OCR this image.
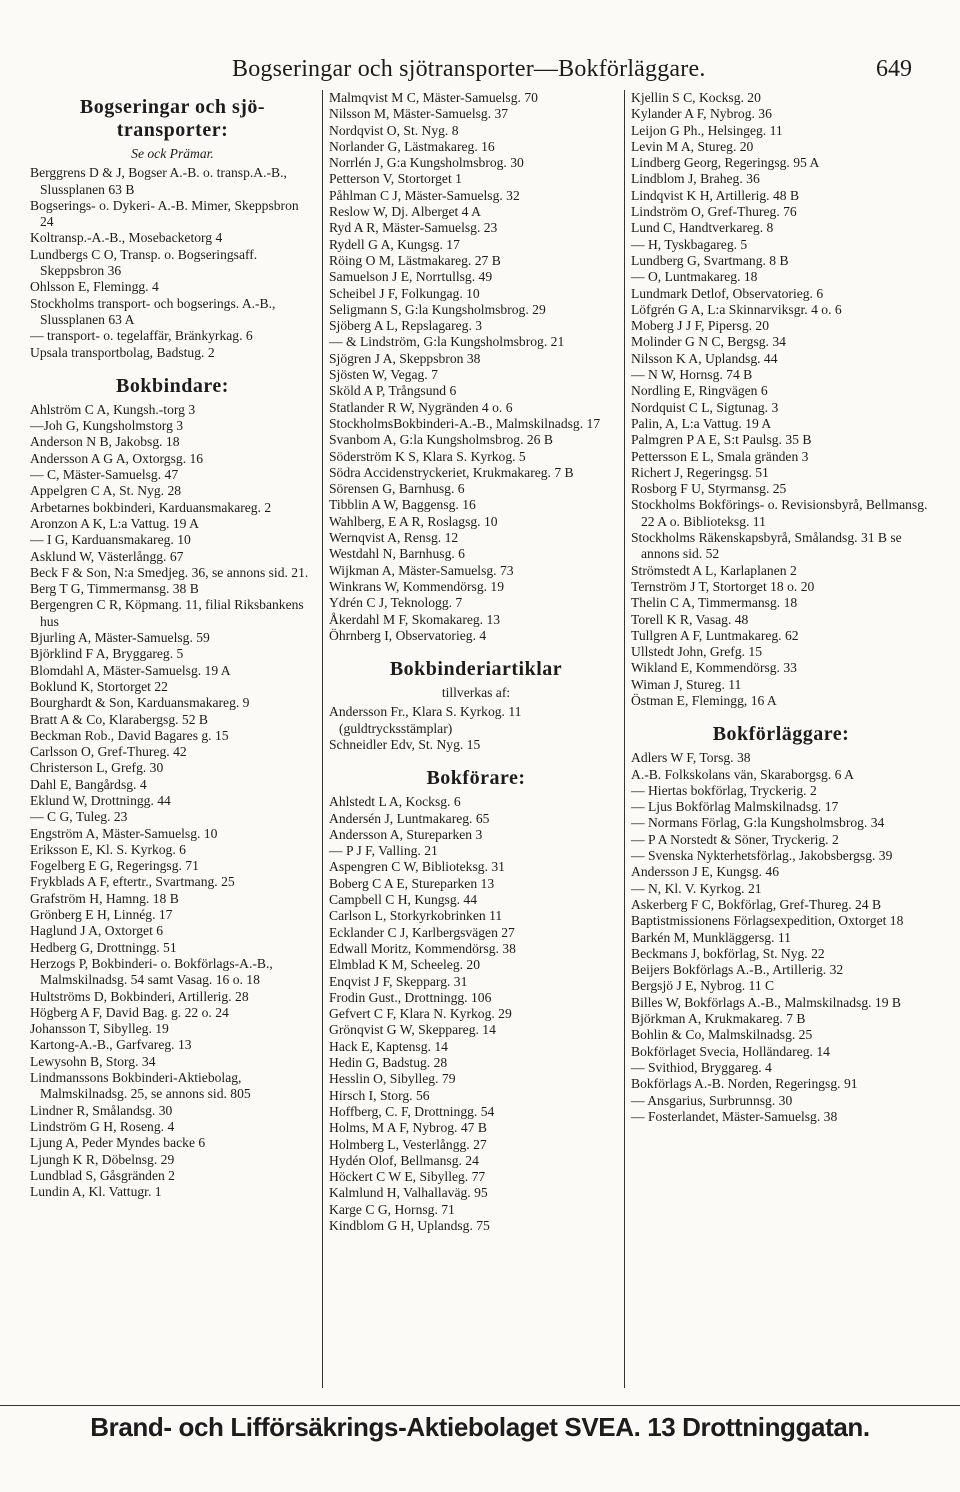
Bogseringar och sjötransporter—Bokförläggare.	649
Bogseringar och sjö-transporter:
Se ock Prämar.
Berggrens D & J, Bogser A.-B. o. transp.A.-B., Slussplanen 63 B
Bogserings- o. Dykeri- A.-B. Mimer, Skeppsbron 24
Koltransp.-A.-B., Mosebacketorg 4
Lundbergs C O, Transp. o. Bogseringsaff. Skeppsbron 36
Ohlsson E, Flemingg. 4
Stockholms transport- och bogserings. A.-B., Slussplanen 63 A
— transport- o. tegelaffär, Bränkyrkag. 6
Upsala transportbolag, Badstug. 2
Bokbindare:
Ahlström C A, Kungsh.-torg 3
—Joh G, Kungsholmstorg 3
Anderson N B, Jakobsg. 18
Andersson A G A, Oxtorgsg. 16
— C, Mäster-Samuelsg. 47
Appelgren C A, St. Nyg. 28
Arbetarnes bokbinderi, Karduansmakareg. 2
Aronzon A K, L:a Vattug. 19 A
— I G, Karduansmakareg. 10
Asklund W, Västerlångg. 67
Beck F & Son, N:a Smedjeg. 36, se annons sid. 21.
Berg T G, Timmermansg. 38 B
Bergengren C R, Köpmang. 11, filial Riksbankens hus
Bjurling A, Mäster-Samuelsg. 59
Björklind F A, Bryggareg. 5
Blomdahl A, Mäster-Samuelsg. 19 A
Boklund K, Stortorget 22
Bourghardt & Son, Karduansmakareg. 9
Bratt A & Co, Klarabergsg. 52 B
Beckman Rob., David Bagares g. 15
Carlsson O, Gref-Thureg. 42
Christerson L, Grefg. 30
Dahl E, Bangårdsg. 4
Eklund W, Drottningg. 44
— C G, Tuleg. 23
Engström A, Mäster-Samuelsg. 10
Eriksson E, Kl. S. Kyrkog. 6
Fogelberg E G, Regeringsg. 71
Frykblads A F, eftertr., Svartmang. 25
Grafström H, Hamng. 18 B
Grönberg E H, Linnég. 17
Haglund J A, Oxtorget 6
Hedberg G, Drottningg. 51
Herzogs P, Bokbinderi- o. Bokförlags-A.-B., Malmskilnadsg. 54 samt Vasag. 16 o. 18
Hultströms D, Bokbinderi, Artillerig. 28
Högberg A F, David Bag. g. 22 o. 24
Johansson T, Sibylleg. 19
Kartong-A.-B., Garfvareg. 13
Lewysohn B, Storg. 34
Lindmanssons Bokbinderi-Aktiebolag, Malmskilnadsg. 25, se annons sid. 805
Lindner R, Smålandsg. 30
Lindström G H, Roseng. 4
Ljung A, Peder Myndes backe 6
Ljungh K R, Döbelnsg. 29
Lundblad S, Gåsgränden 2
Lundin A, Kl. Vattugr. 1
Malmqvist M C, Mäster-Samuelsg. 70
Nilsson M, Mäster-Samuelsg. 37
Nordqvist O, St. Nyg. 8
Norlander G, Lästmakareg. 16
Norrlén J, G:a Kungsholmsbrog. 30
Petterson V, Stortorget 1
Påhlman C J, Mäster-Samuelsg. 32
Reslow W, Dj. Alberget 4 A
Ryd A R, Mäster-Samuelsg. 23
Rydell G A, Kungsg. 17
Röing O M, Lästmakareg. 27 B
Samuelson J E, Norrtullsg. 49
Scheibel J F, Folkungag. 10
Seligmann S, G:la Kungsholmsbrog. 29
Sjöberg A L, Repslagareg. 3
— & Lindström, G:la Kungsholmsbrog. 21
Sjögren J A, Skeppsbron 38
Sjösten W, Vegag. 7
Sköld A P, Trångsund 6
Statlander R W, Nygränden 4 o. 6
StockholmsBokbinderi-A.-B., Malmskilnadsg. 17
Svanbom A, G:la Kungsholmsbrog. 26 B
Söderström K S, Klara S. Kyrkog. 5
Södra Accidenstryckeriet, Krukmakareg. 7 B
Sörensen G, Barnhusg. 6
Tibblin A W, Baggensg. 16
Wahlberg, E A R, Roslagsg. 10
Wernqvist A, Rensg. 12
Westdahl N, Barnhusg. 6
Wijkman A, Mäster-Samuelsg. 73
Winkrans W, Kommendörsg. 19
Ydrén C J, Teknologg. 7
Åkerdahl M F, Skomakareg. 13
Öhrnberg I, Observatorieg. 4
Bokbinderiartiklar
tillverkas af:
Andersson Fr., Klara S. Kyrkog. 11 (guldtrycksstämplar)
Schneidler Edv, St. Nyg. 15
Bokförare:
Ahlstedt L A, Kocksg. 6
Andersén J, Luntmakareg. 65
Andersson A, Stureparken 3
— P J F, Valling. 21
Aspengren C W, Biblioteksg. 31
Boberg C A E, Stureparken 13
Campbell C H, Kungsg. 44
Carlson L, Storkyrkobrinken 11
Ecklander C J, Karlbergsvägen 27
Edwall Moritz, Kommendörsg. 38
Elmblad K M, Scheeleg. 20
Enqvist J F, Skepparg. 31
Frodin Gust., Drottningg. 106
Gefvert C F, Klara N. Kyrkog. 29
Grönqvist G W, Skeppareg. 14
Hack E, Kaptensg. 14
Hedin G, Badstug. 28
Hesslin O, Sibylleg. 79
Hirsch I, Storg. 56
Hoffberg, C. F, Drottningg. 54
Holms, M A F, Nybrog. 47 B
Holmberg L, Vesterlångg. 27
Hydén Olof, Bellmansg. 24
Höckert C W E, Sibylleg. 77
Kalmlund H, Valhallaväg. 95
Karge C G, Hornsg. 71
Kindblom G H, Uplandsg. 75
Kjellin S C, Kocksg. 20
Kylander A F, Nybrog. 36
Leijon G Ph., Helsingeg. 11
Levin M A, Stureg. 20
Lindberg Georg, Regeringsg. 95 A
Lindblom J, Braheg. 36
Lindqvist K H, Artillerig. 48 B
Lindström O, Gref-Thureg. 76
Lund C, Handtverkareg. 8
— H, Tyskbagareg. 5
Lundberg G, Svartmang. 8 B
— O, Luntmakareg. 18
Lundmark Detlof, Observatorieg. 6
Löfgrén G A, L:a Skinnarviksgr. 4 o. 6
Moberg J J F, Pipersg. 20
Molinder G N C, Bergsg. 34
Nilsson K A, Uplandsg. 44
— N W, Hornsg. 74 B
Nordling E, Ringvägen 6
Nordquist C L, Sigtunag. 3
Palin, A, L:a Vattug. 19 A
Palmgren P A E, S:t Paulsg. 35 B
Pettersson E L, Smala gränden 3
Richert J, Regeringsg. 51
Rosborg F U, Styrmansg. 25
Stockholms Bokförings- o. Revisionsbyrå, Bellmansg. 22 A o. Biblioteksg. 11
Stockholms Räkenskapsbyrå, Smålandsg. 31 B se annons sid. 52
Strömstedt A L, Karlaplanen 2
Ternström J T, Stortorget 18 o. 20
Thelin C A, Timmermansg. 18
Torell K R, Vasag. 48
Tullgren A F, Luntmakareg. 62
Ullstedt John, Grefg. 15
Wikland E, Kommendörsg. 33
Wiman J, Stureg. 11
Östman E, Flemingg, 16 A
Bokförläggare:
Adlers W F, Torsg. 38
A.-B. Folkskolans vän, Skaraborgsg. 6 A
— Hiertas bokförlag, Tryckerig. 2
— Ljus Bokförlag Malmskilnadsg. 17
— Normans Förlag, G:la Kungsholmsbrog. 34
— P A Norstedt & Söner, Tryckerig. 2
— Svenska Nykterhetsförlag., Jakobsbergsg. 39
Andersson J E, Kungsg. 46
— N, Kl. V. Kyrkog. 21
Askerberg F C, Bokförlag, Gref-Thureg. 24 B
Baptistmissionens Förlagsexpedition, Oxtorget 18
Barkén M, Munkläggersg. 11
Beckmans J, bokförlag, St. Nyg. 22
Beijers Bokförlags A.-B., Artillerig. 32
Bergsjö J E, Nybrog. 11 C
Billes W, Bokförlags A.-B., Malmskilnadsg. 19 B
Björkman A, Krukmakareg. 7 B
Bohlin & Co, Malmskilnadsg. 25
Bokförlaget Svecia, Holländareg. 14
— Svithiod, Bryggareg. 4
Bokförlags A.-B. Norden, Regeringsg. 91
— Ansgarius, Surbrunnsg. 30
— Fosterlandet, Mäster-Samuelsg. 38
Brand- och Lifförsäkrings-Aktiebolaget SVEA. 13 Drottninggatan.
